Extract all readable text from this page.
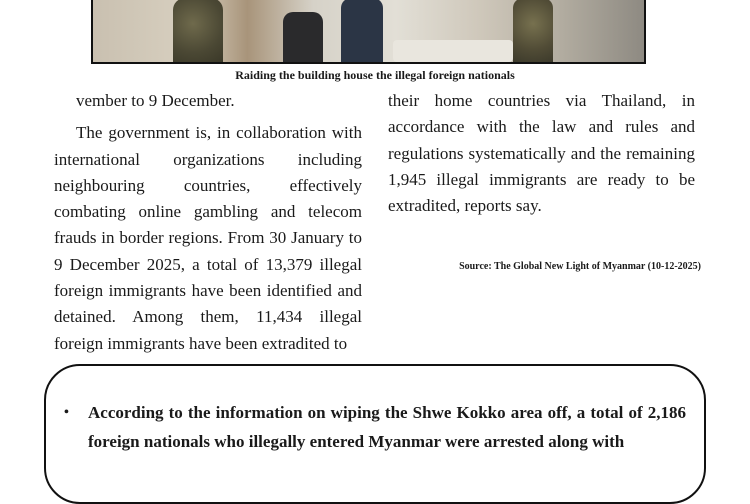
Raiding the building house the illegal foreign nationals

vember to 9 December.

The government is, in collaboration with international organizations including neighbouring countries, effectively combating online gambling and telecom frauds in border regions. From 30 January to 9 December 2025, a total of 13,379 illegal foreign immigrants have been identified and detained. Among them, 11,434 illegal foreign immigrants have been extradited to

their home countries via Thailand, in accordance with the law and rules and regulations systematically and the remaining 1,945 illegal immigrants are ready to be extradited, reports say.

Source: The Global New Light of Myanmar (10-12-2025)
• According to the information on wiping the Shwe Kokko area off, a total of 2,186 foreign nationals who illegally entered Myanmar were arrested along with
